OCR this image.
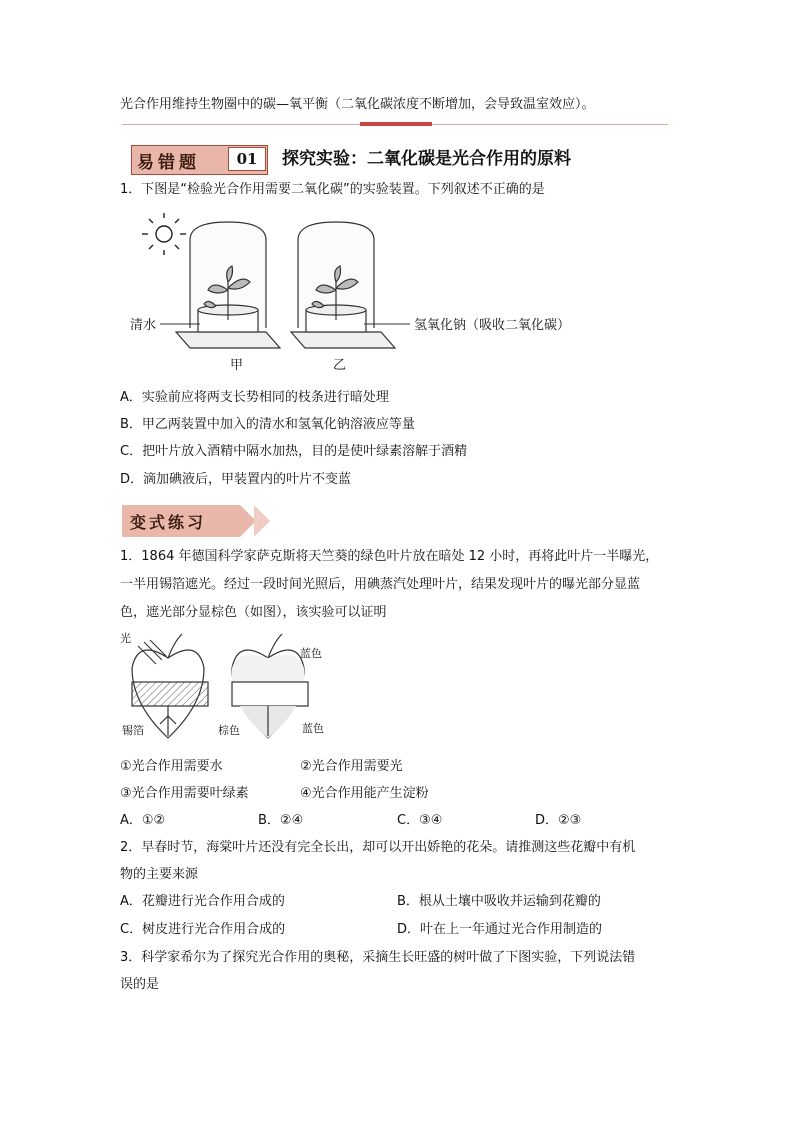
光合作用维持生物圈中的碳—氧平衡（二氧化碳浓度不断增加，会导致温室效应）。
易错题	01	探究实验：二氧化碳是光合作用的原料
1．下图是“检验光合作用需要二氧化碳”的实验装置。下列叙述不正确的是
清水	氢氧化钠（吸收二氧化碳）
甲	乙
A．实验前应将两支长势相同的枝条进行暗处理
B．甲乙两装置中加入的清水和氢氧化钠溶液应等量
C．把叶片放入酒精中隔水加热，目的是使叶绿素溶解于酒精
D．滴加碘液后，甲装置内的叶片不变蓝
变式练习
1．1864 年德国科学家萨克斯将天竺葵的绿色叶片放在暗处 12 小时，再将此叶片一半曝光，
一半用锡箔遮光。经过一段时间光照后，用碘蒸汽处理叶片，结果发现叶片的曝光部分显蓝
色，遮光部分显棕色（如图），该实验可以证明
光
锡箔
蓝色
棕色	蓝色
①光合作用需要水	②光合作用需要光
③光合作用需要叶绿素	④光合作用能产生淀粉
A．①②	B．②④	C．③④	D．②③
2．早春时节，海棠叶片还没有完全长出，却可以开出娇艳的花朵。请推测这些花瓣中有机
物的主要来源
A．花瓣进行光合作用合成的	B．根从土壤中吸收并运输到花瓣的
C．树皮进行光合作用合成的	D．叶在上一年通过光合作用制造的
3．科学家希尔为了探究光合作用的奥秘，采摘生长旺盛的树叶做了下图实验，下列说法错
误的是
